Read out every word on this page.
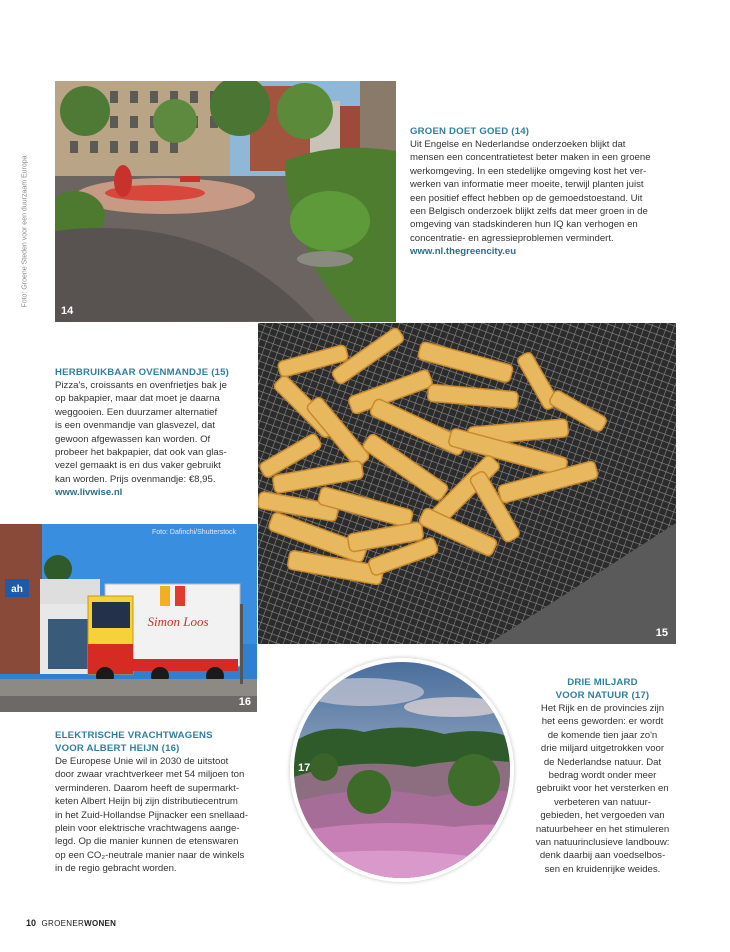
14
Foto: Groene Steden voor een duurzaam Europa
GROEN DOET GOED (14)

Uit Engelse en Nederlandse onderzoeken blijkt dat

mensen een concentratietest beter maken in een groene

werkomgeving. In een stedelijke omgeving kost het ver-

werken van informatie meer moeite, terwijl planten juist

een positief effect hebben op de gemoedstoestand. Uit

een Belgisch onderzoek blijkt zelfs dat meer groen in de

omgeving van stadskinderen hun IQ kan verhogen en

concentratie- en agressieproblemen vermindert.

www.nl.thegreencity.eu
15
HERBRUIKBAAR OVENMANDJE (15)

Pizza's, croissants en ovenfrietjes bak je

op bakpapier, maar dat moet je daarna

weggooien. Een duurzamer alternatief

is een ovenmandje van glasvezel, dat

gewoon afgewassen kan worden. Of

probeer het bakpapier, dat ook van glas-

vezel gemaakt is en dus vaker gebruikt

kan worden. Prijs ovenmandje: €8,95.

www.livwise.nl
ah
Simon Loos
16
Foto: Dafinchi/Shutterstock
ELEKTRISCHE VRACHTWAGENS
VOOR ALBERT HEIJN (16)

De Europese Unie wil in 2030 de uitstoot

door zwaar vrachtverkeer met 54 miljoen ton

verminderen. Daarom heeft de supermarkt-

keten Albert Heijn bij zijn distributiecentrum

in het Zuid-Hollandse Pijnacker een snellaad-

plein voor elektrische vrachtwagens aange-

legd. Op die manier kunnen de etenswaren

op een CO₂-neutrale manier naar de winkels

in de regio gebracht worden.

17
DRIE MILJARD
VOOR NATUUR (17)

Het Rijk en de provincies zijn

het eens geworden: er wordt

de komende tien jaar zo'n

drie miljard uitgetrokken voor

de Nederlandse natuur. Dat

bedrag wordt onder meer

gebruikt voor het versterken en

verbeteren van natuur-

gebieden, het vergoeden van

natuurbeheer en het stimuleren

van natuurinclusieve landbouw:

denk daarbij aan voedselbos-

sen en kruidenrijke weides.

10 GROENERWONEN
